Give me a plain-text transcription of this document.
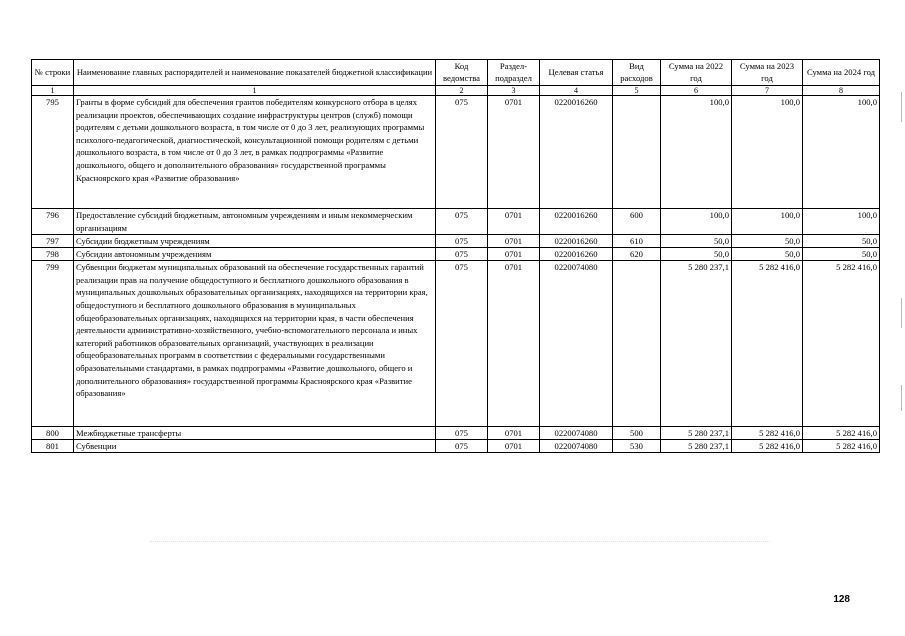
№ строки	Наименование главных распорядителей и наименование показателей бюджетной классификации	Код ведомства	Раздел-подраздел	Целевая статья	Вид расходов	Сумма на 2022 год	Сумма на 2023 год	Сумма на 2024 год
1	1	2	3	4	5	6	7	8
795	Гранты в форме субсидий для обеспечения грантов победителям конкурсного отбора в целях реализации проектов, обеспечивающих создание инфраструктуры центров (служб) помощи родителям с детьми дошкольного возраста, в том числе от 0 до 3 лет, реализующих программы психолого-педагогической, диагностической, консультационной помощи родителям с детьми дошкольного возраста, в том числе от 0 до 3 лет, в рамках подпрограммы «Развитие дошкольного, общего и дополнительного образования» государственной программы Красноярского края «Развитие образования»	075	0701	0220016260		100,0	100,0	100,0
796	Предоставление субсидий бюджетным, автономным учреждениям и иным некоммерческим организациям	075	0701	0220016260	600	100,0	100,0	100,0
797	Субсидии бюджетным учреждениям	075	0701	0220016260	610	50,0	50,0	50,0
798	Субсидии автономным учреждениям	075	0701	0220016260	620	50,0	50,0	50,0
799	Субвенции бюджетам муниципальных образований на обеспечение государственных гарантий реализации прав на получение общедоступного и бесплатного дошкольного образования в муниципальных дошкольных образовательных организациях, находящихся на территории края, общедоступного и бесплатного дошкольного образования в муниципальных общеобразовательных организациях, находящихся на территории края, в части обеспечения деятельности административно-хозяйственного, учебно-вспомогательного персонала и иных категорий работников образовательных организаций, участвующих в реализации общеобразовательных программ в соответствии с федеральными государственными образовательными стандартами, в рамках подпрограммы «Развитие дошкольного, общего и дополнительного образования» государственной программы Красноярского края «Развитие образования»	075	0701	0220074080		5 280 237,1	5 282 416,0	5 282 416,0
800	Межбюджетные трансферты	075	0701	0220074080	500	5 280 237,1	5 282 416,0	5 282 416,0
801	Субвенции	075	0701	0220074080	530	5 280 237,1	5 282 416,0	5 282 416,0
128
